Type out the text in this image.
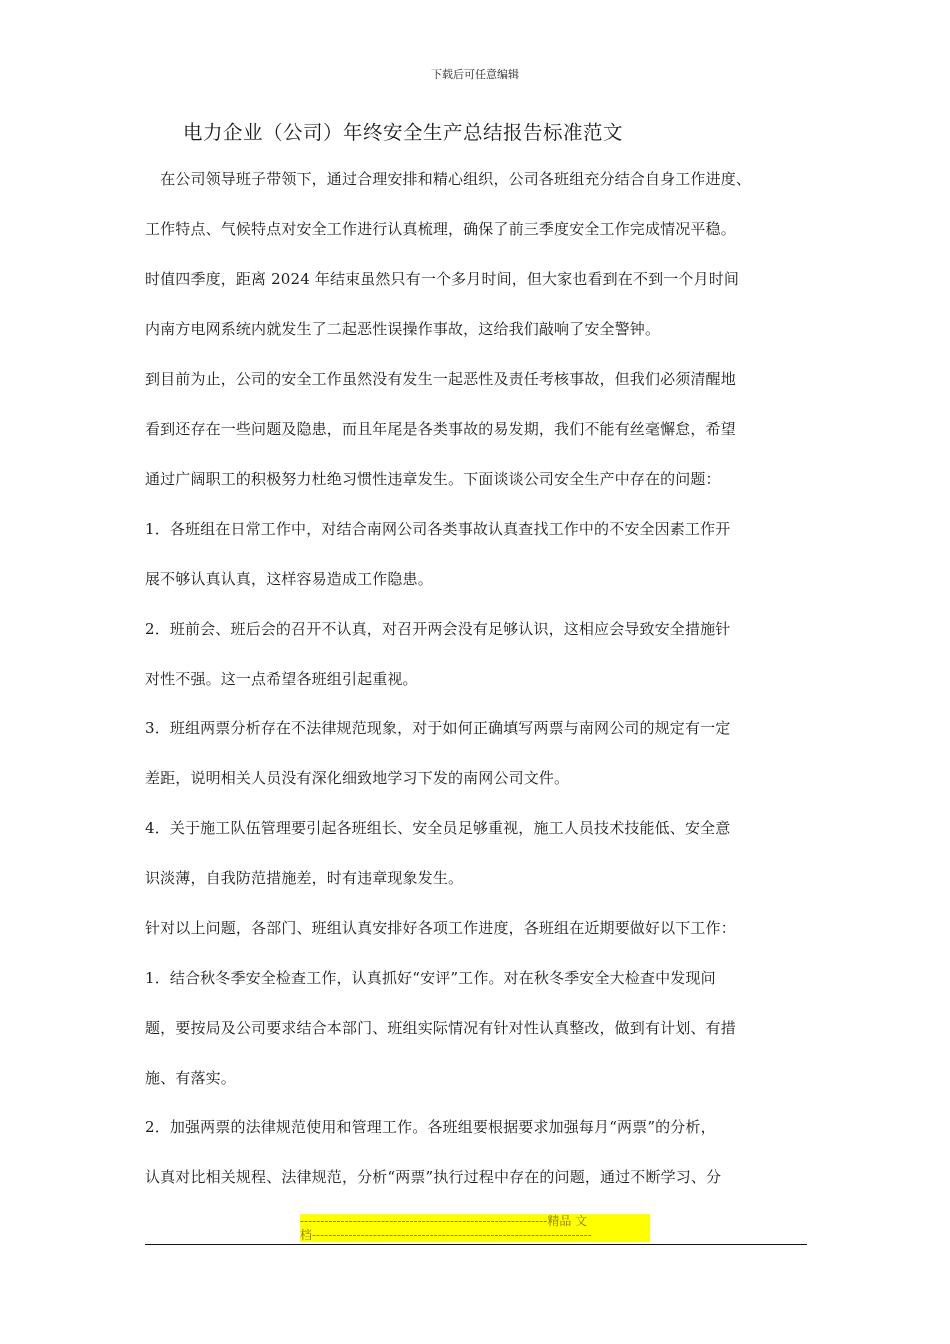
下载后可任意编辑
电力企业（公司）年终安全生产总结报告标准范文
　在公司领导班子带领下，通过合理安排和精心组织，公司各班组充分结合自身工作进度、
工作特点、气候特点对安全工作进行认真梳理，确保了前三季度安全工作完成情况平稳。
时值四季度，距离 2024 年结束虽然只有一个多月时间，但大家也看到在不到一个月时间
内南方电网系统内就发生了二起恶性误操作事故，这给我们敲响了安全警钟。
到目前为止，公司的安全工作虽然没有发生一起恶性及责任考核事故，但我们必须清醒地
看到还存在一些问题及隐患，而且年尾是各类事故的易发期，我们不能有丝毫懈怠，希望
通过广阔职工的积极努力杜绝习惯性违章发生。下面谈谈公司安全生产中存在的问题：
1．各班组在日常工作中，对结合南网公司各类事故认真查找工作中的不安全因素工作开
展不够认真认真，这样容易造成工作隐患。
2．班前会、班后会的召开不认真，对召开两会没有足够认识，这相应会导致安全措施针
对性不强。这一点希望各班组引起重视。
3．班组两票分析存在不法律规范现象，对于如何正确填写两票与南网公司的规定有一定
差距，说明相关人员没有深化细致地学习下发的南网公司文件。
4．关于施工队伍管理要引起各班组长、安全员足够重视，施工人员技术技能低、安全意
识淡薄，自我防范措施差，时有违章现象发生。
针对以上问题，各部门、班组认真安排好各项工作进度，各班组在近期要做好以下工作：
1．结合秋冬季安全检查工作，认真抓好“安评”工作。对在秋冬季安全大检查中发现问
题，要按局及公司要求结合本部门、班组实际情况有针对性认真整改，做到有计划、有措
施、有落实。
2．加强两票的法律规范使用和管理工作。各班组要根据要求加强每月“两票”的分析，
认真对比相关规程、法律规范，分析“两票”执行过程中存在的问题，通过不断学习、分
-------------------------------------------------------------精品 文
档---------------------------------------------------------------------
